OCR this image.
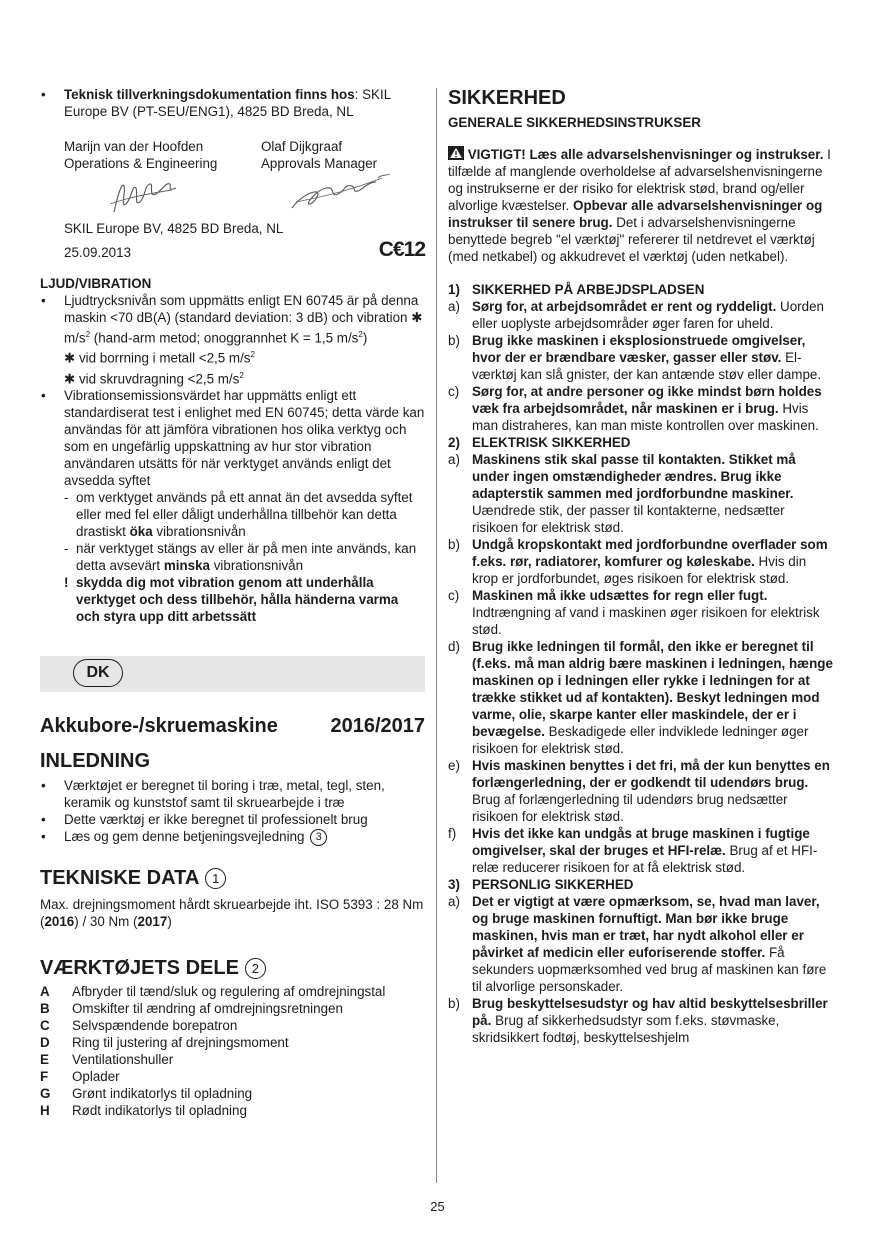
• Teknisk tillverkningsdokumentation finns hos: SKIL Europe BV (PT-SEU/ENG1), 4825 BD Breda, NL
Marijn van der Hoofden
Operations & Engineering
Olaf Dijkgraaf
Approvals Manager
SKIL Europe BV, 4825 BD Breda, NL
25.09.2013	C€12
LJUD/VIBRATION
• Ljudtrycksnivån som uppmätts enligt EN 60745 är på denna maskin <70 dB(A) (standard deviation: 3 dB) och vibration ✱ $m/s^2$ (hand-arm metod; onoggrannhet K = 1,5 $m/s^2$)
✱ vid borrning i metall <2,5 $m/s^2$
✱ vid skruvdragning <2,5 $m/s^2$
• Vibrationsemissionsvärdet har uppmätts enligt ett standardiserat test i enlighet med EN 60745; detta värde kan användas för att jämföra vibrationen hos olika verktyg och som en ungefärlig uppskattning av hur stor vibration användaren utsätts för när verktyget används enligt det avsedda syftet
- om verktyget används på ett annat än det avsedda syftet eller med fel eller dåligt underhållna tillbehör kan detta drastiskt öka vibrationsnivån
- när verktyget stängs av eller är på men inte används, kan detta avsevärt minska vibrationsnivån
! skydda dig mot vibration genom att underhålla verktyget och dess tillbehör, hålla händerna varma och styra upp ditt arbetssätt
DK
Akkubore-/skruemaskine	2016/2017
INLEDNING
• Værktøjet er beregnet til boring i træ, metal, tegl, sten, keramik og kunststof samt til skruearbejde i træ
• Dette værktøj er ikke beregnet til professionelt brug
• Læs og gem denne betjeningsvejledning 3
TEKNISKE DATA 1
Max. drejningsmoment hårdt skruearbejde iht. ISO 5393 : 28 Nm (2016) / 30 Nm (2017)
VÆRKTØJETS DELE 2
A	Afbryder til tænd/sluk og regulering af omdrejningstal
B	Omskifter til ændring af omdrejningsretningen
C	Selvspændende borepatron
D	Ring til justering af drejningsmoment
E	Ventilationshuller
F	Oplader
G	Grønt indikatorlys til opladning
H	Rødt indikatorlys til opladning
SIKKERHED
GENERALE SIKKERHEDSINSTRUKSER
VIGTIGT! Læs alle advarselshenvisninger og instrukser. I tilfælde af manglende overholdelse af advarselshenvisningerne og instrukserne er der risiko for elektrisk stød, brand og/eller alvorlige kvæstelser. Opbevar alle advarselshenvisninger og instrukser til senere brug. Det i advarselshenvisningerne benyttede begreb "el værktøj" refererer til netdrevet el værktøj (med netkabel) og akkudrevet el værktøj (uden netkabel).
1) SIKKERHED PÅ ARBEJDSPLADSEN
a) Sørg for, at arbejdsområdet er rent og ryddeligt. Uorden eller uoplyste arbejdsområder øger faren for uheld.
b) Brug ikke maskinen i eksplosionstruede omgivelser, hvor der er brændbare væsker, gasser eller støv. El-værktøj kan slå gnister, der kan antænde støv eller dampe.
c) Sørg for, at andre personer og ikke mindst børn holdes væk fra arbejdsområdet, når maskinen er i brug. Hvis man distraheres, kan man miste kontrollen over maskinen.
2) ELEKTRISK SIKKERHED
a) Maskinens stik skal passe til kontakten. Stikket må under ingen omstændigheder ændres. Brug ikke adapterstik sammen med jordforbundne maskiner. Uændrede stik, der passer til kontakterne, nedsætter risikoen for elektrisk stød.
b) Undgå kropskontakt med jordforbundne overflader som f.eks. rør, radiatorer, komfurer og køleskabe. Hvis din krop er jordforbundet, øges risikoen for elektrisk stød.
c) Maskinen må ikke udsættes for regn eller fugt. Indtrængning af vand i maskinen øger risikoen for elektrisk stød.
d) Brug ikke ledningen til formål, den ikke er beregnet til (f.eks. må man aldrig bære maskinen i ledningen, hænge maskinen op i ledningen eller rykke i ledningen for at trække stikket ud af kontakten). Beskyt ledningen mod varme, olie, skarpe kanter eller maskindele, der er i bevægelse. Beskadigede eller indviklede ledninger øger risikoen for elektrisk stød.
e) Hvis maskinen benyttes i det fri, må der kun benyttes en forlængerledning, der er godkendt til udendørs brug. Brug af forlængerledning til udendørs brug nedsætter risikoen for elektrisk stød.
f) Hvis det ikke kan undgås at bruge maskinen i fugtige omgivelser, skal der bruges et HFI-relæ. Brug af et HFI-relæ reducerer risikoen for at få elektrisk stød.
3) PERSONLIG SIKKERHED
a) Det er vigtigt at være opmærksom, se, hvad man laver, og bruge maskinen fornuftigt. Man bør ikke bruge maskinen, hvis man er træt, har nydt alkohol eller er påvirket af medicin eller euforiserende stoffer. Få sekunders uopmærksomhed ved brug af maskinen kan føre til alvorlige personskader.
b) Brug beskyttelsesudstyr og hav altid beskyttelsesbriller på. Brug af sikkerhedsudstyr som f.eks. støvmaske, skridsikkert fodtøj, beskyttelseshjelm
25
